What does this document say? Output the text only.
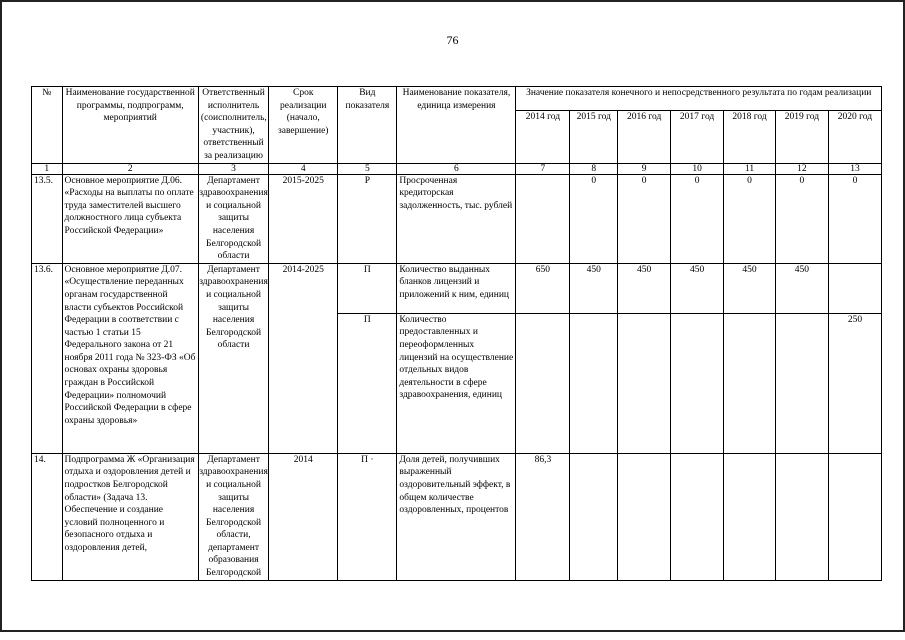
76
№	Наименование государственной программы, подпрограмм, мероприятий	Ответственный исполнитель (соисполнитель, участник), ответственный за реализацию	Срок реализации (начало, завершение)	Вид показателя	Наименование показателя, единица измерения	Значение показателя конечного и непосредственного результата по годам реализации						
						2014 год	2015 год	2016 год	2017 год	2018 год	2019 год	2020 год
1	2	3	4	5	6	7	8	9	10	11	12	13
13.5.	Основное мероприятие Д.06. «Расходы на выплаты по оплате труда заместителей высшего должностного лица субъекта Российской Федерации»	Департамент здравоохранения и социальной защиты населения Белгородской области	2015-2025	Р	Просроченная кредиторская задолженность, тыс. рублей		0	0	0	0	0	0
13.6.	Основное мероприятие Д.07. «Осуществление переданных органам государственной власти субъектов Российской Федерации в соответствии с частью 1 статьи 15 Федерального закона от 21 ноября 2011 года № 323-ФЗ «Об основах охраны здоровья граждан в Российской Федерации» полномочий Российской Федерации в сфере охраны здоровья»	Департамент здравоохранения и социальной защиты населения Белгородской области	2014-2025	П	Количество выданных бланков лицензий и приложений к ним, единиц	650	450	450	450	450	450	
				П	Количество предоставленных и переоформленных лицензий на осуществление отдельных видов деятельности в сфере здравоохранения, единиц							250
14.	Подпрограмма Ж «Организация отдыха и оздоровления детей и подростков Белгородской области» (Задача 13. Обеспечение и создание условий полноценного и безопасного отдыха и оздоровления детей,	Департамент здравоохранения и социальной защиты населения Белгородской области, департамент образования Белгородской	2014	П ·	Доля детей, получивших выраженный оздоровительный эффект, в общем количестве оздоровленных, процентов	86,3						
